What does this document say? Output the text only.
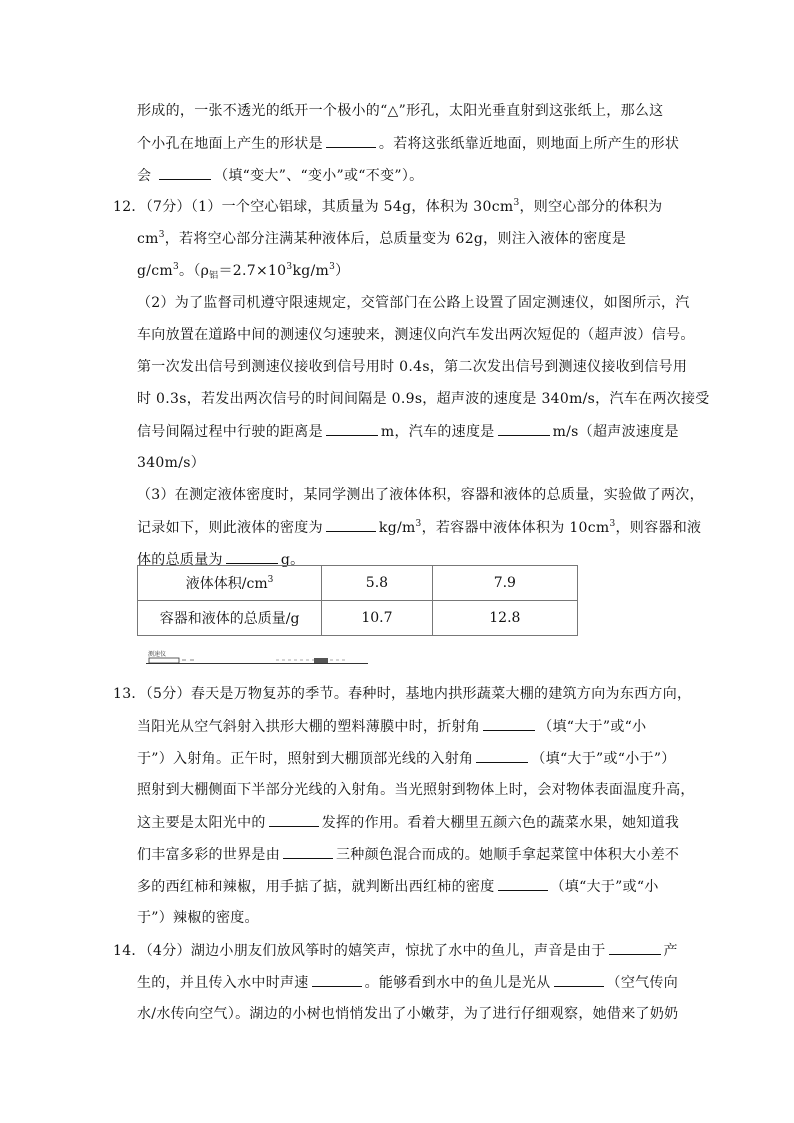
形成的，一张不透光的纸开一个极小的“△”形孔，太阳光垂直射到这张纸上，那么这
个小孔在地面上产生的形状是	。若将这张纸靠近地面，则地面上所产生的形状
会	（填“变大”、“变小”或“不变”）。
12．（7分）（1）一个空心铝球，其质量为 54g，体积为 $30cm^3$，则空心部分的体积为
$cm^3$，若将空心部分注满某种液体后，总质量变为 62g，则注入液体的密度是
$g/cm^3$。$(\rho_铝=2.7\times 10^3kg/m^3)$
（2）为了监督司机遵守限速规定，交管部门在公路上设置了固定测速仪，如图所示，汽
车向放置在道路中间的测速仪匀速驶来，测速仪向汽车发出两次短促的（超声波）信号。
第一次发出信号到测速仪接收到信号用时 0.4s，第二次发出信号到测速仪接收到信号用
时 0.3s，若发出两次信号的时间间隔是 0.9s，超声波的速度是 340m/s，汽车在两次接受
信号间隔过程中行驶的距离是	m，汽车的速度是	m/s（超声波速度是
340m/s）
（3）在测定液体密度时，某同学测出了液体体积，容器和液体的总质量，实验做了两次，
记录如下，则此液体的密度为	$kg/m^3$，若容器中液体体积为 $10cm^3$，则容器和液
体的总质量为	g。
液体体积$/cm^3$	5.8	7.9
容器和液体的总质量/g	10.7	12.8
测速仪
13．（5分）春天是万物复苏的季节。春种时，基地内拱形蔬菜大棚的建筑方向为东西方向，
当阳光从空气斜射入拱形大棚的塑料薄膜中时，折射角	（填“大于”或“小
于”）入射角。正午时，照射到大棚顶部光线的入射角	（填“大于”或“小于”）
照射到大棚侧面下半部分光线的入射角。当光照射到物体上时，会对物体表面温度升高，
这主要是太阳光中的	发挥的作用。看着大棚里五颜六色的蔬菜水果，她知道我
们丰富多彩的世界是由	三种颜色混合而成的。她顺手拿起菜筐中体积大小差不
多的西红柿和辣椒，用手掂了掂，就判断出西红柿的密度	（填“大于”或“小
于”）辣椒的密度。
14．（4分）湖边小朋友们放风筝时的嬉笑声，惊扰了水中的鱼儿，声音是由于	产
生的，并且传入水中时声速	。能够看到水中的鱼儿是光从	（空气传向
水/水传向空气）。湖边的小树也悄悄发出了小嫩芽，为了进行仔细观察，她借来了奶奶
